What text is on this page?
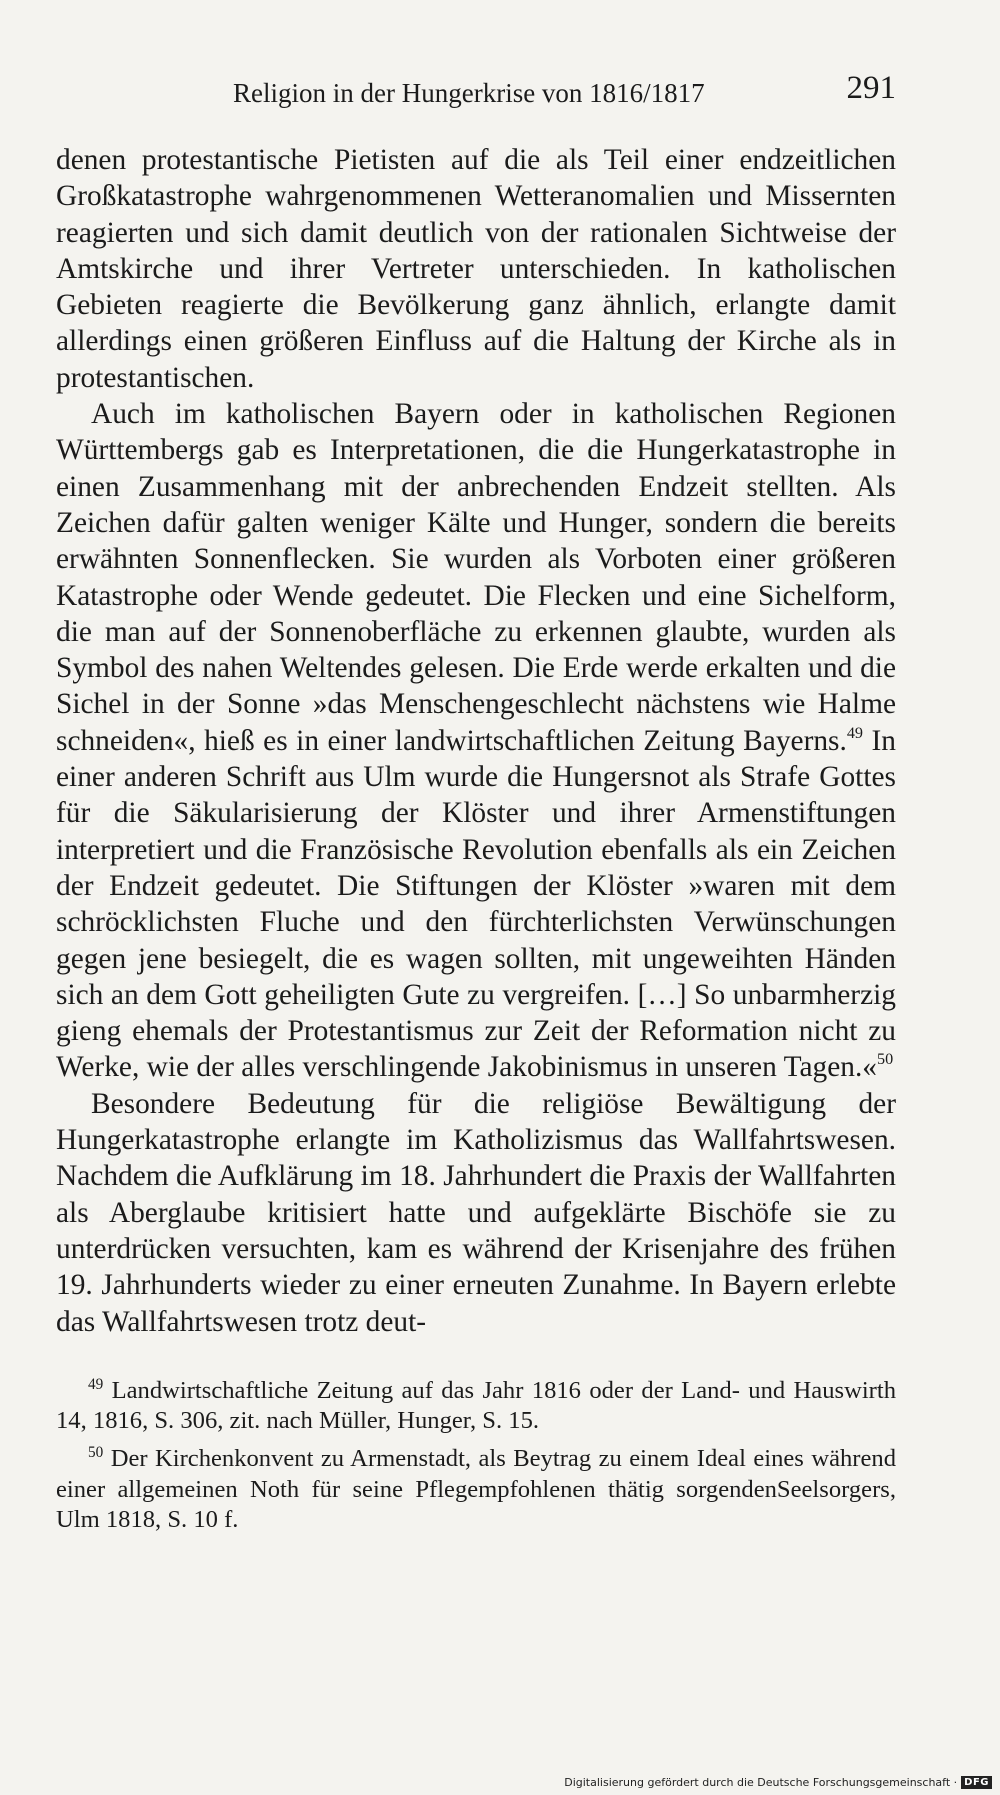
Religion in der Hungerkrise von 1816/1817	291

denen protestantische Pietisten auf die als Teil einer endzeitlichen Großkatastrophe wahrgenommenen Wetteranomalien und Missernten reagierten und sich damit deutlich von der rationalen Sichtweise der Amtskirche und ihrer Vertreter unterschieden. In katholischen Gebieten reagierte die Bevölkerung ganz ähnlich, erlangte damit allerdings einen größeren Einfluss auf die Haltung der Kirche als in protestantischen.

Auch im katholischen Bayern oder in katholischen Regionen Württembergs gab es Interpretationen, die die Hungerkatastrophe in einen Zusammenhang mit der anbrechenden Endzeit stellten. Als Zeichen dafür galten weniger Kälte und Hunger, sondern die bereits erwähnten Sonnenflecken. Sie wurden als Vorboten einer größeren Katastrophe oder Wende gedeutet. Die Flecken und eine Sichelform, die man auf der Sonnenoberfläche zu erkennen glaubte, wurden als Symbol des nahen Weltendes gelesen. Die Erde werde erkalten und die Sichel in der Sonne »das Menschengeschlecht nächstens wie Halme schneiden«, hieß es in einer landwirtschaftlichen Zeitung Bayerns.$^{49}$ In einer anderen Schrift aus Ulm wurde die Hungersnot als Strafe Gottes für die Säkularisierung der Klöster und ihrer Armenstiftungen interpretiert und die Französische Revolution ebenfalls als ein Zeichen der Endzeit gedeutet. Die Stiftungen der Klöster »waren mit dem schröcklichsten Fluche und den fürchterlichsten Verwünschungen gegen jene besiegelt, die es wagen sollten, mit ungeweihten Händen sich an dem Gott geheiligten Gute zu vergreifen. […] So unbarmherzig gieng ehemals der Protestantismus zur Zeit der Reformation nicht zu Werke, wie der alles verschlingende Jakobinismus in unseren Tagen.«$^{50}$

Besondere Bedeutung für die religiöse Bewältigung der Hungerkatastrophe erlangte im Katholizismus das Wallfahrtswesen. Nachdem die Aufklärung im 18. Jahrhundert die Praxis der Wallfahrten als Aberglaube kritisiert hatte und aufgeklärte Bischöfe sie zu unterdrücken versuchten, kam es während der Krisenjahre des frühen 19. Jahrhunderts wieder zu einer erneuten Zunahme. In Bayern erlebte das Wallfahrtswesen trotz deut-

$^{49}$ Landwirtschaftliche Zeitung auf das Jahr 1816 oder der Land- und Hauswirth 14, 1816, S. 306, zit. nach Müller, Hunger, S. 15.

$^{50}$ Der Kirchenkonvent zu Armenstadt, als Beytrag zu einem Ideal eines während einer allgemeinen Noth für seine Pflegempfohlenen thätig sorgendenSeelsorgers, Ulm 1818, S. 10 f.

Digitalisierung gefördert durch die Deutsche Forschungsgemeinschaft · DFG
